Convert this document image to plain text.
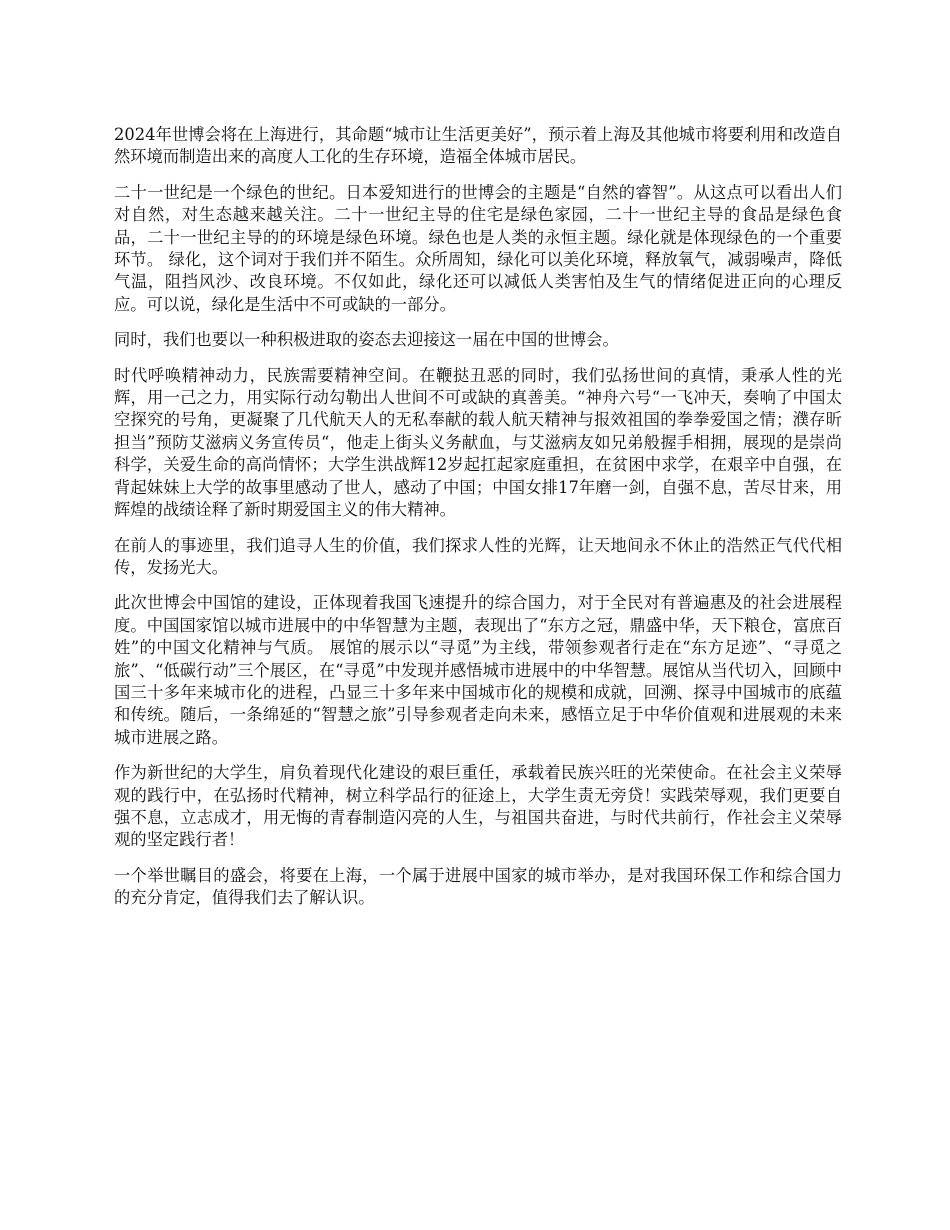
2024年世博会将在上海进行，其命题“城市让生活更美好”，预示着上海及其他城市将要利用和改造自然环境而制造出来的高度人工化的生存环境，造福全体城市居民。

二十一世纪是一个绿色的世纪。日本爱知进行的世博会的主题是“自然的睿智”。从这点可以看出人们对自然，对生态越来越关注。二十一世纪主导的住宅是绿色家园，二十一世纪主导的食品是绿色食品，二十一世纪主导的的环境是绿色环境。绿色也是人类的永恒主题。绿化就是体现绿色的一个重要环节。 绿化，这个词对于我们并不陌生。众所周知，绿化可以美化环境，释放氧气，减弱噪声，降低气温，阻挡风沙、改良环境。不仅如此，绿化还可以减低人类害怕及生气的情绪促进正向的心理反应。可以说，绿化是生活中不可或缺的一部分。

同时，我们也要以一种积极进取的姿态去迎接这一届在中国的世博会。

时代呼唤精神动力，民族需要精神空间。在鞭挞丑恶的同时，我们弘扬世间的真情，秉承人性的光辉，用一己之力，用实际行动勾勒出人世间不可或缺的真善美。“神舟六号“一飞冲天，奏响了中国太空探究的号角，更凝聚了几代航天人的无私奉献的载人航天精神与报效祖国的拳拳爱国之情；濮存昕担当”预防艾滋病义务宣传员“，他走上街头义务献血，与艾滋病友如兄弟般握手相拥，展现的是崇尚科学，关爱生命的高尚情怀；大学生洪战辉12岁起扛起家庭重担，在贫困中求学，在艰辛中自强，在背起妹妹上大学的故事里感动了世人，感动了中国；中国女排17年磨一剑，自强不息，苦尽甘来，用辉煌的战绩诠释了新时期爱国主义的伟大精神。

在前人的事迹里，我们追寻人生的价值，我们探求人性的光辉，让天地间永不休止的浩然正气代代相传，发扬光大。

此次世博会中国馆的建设，正体现着我国飞速提升的综合国力，对于全民对有普遍惠及的社会进展程度。中国国家馆以城市进展中的中华智慧为主题，表现出了“东方之冠，鼎盛中华，天下粮仓，富庶百姓”的中国文化精神与气质。 展馆的展示以“寻觅”为主线，带领参观者行走在“东方足迹”、“寻觅之旅”、“低碳行动”三个展区，在“寻觅”中发现并感悟城市进展中的中华智慧。展馆从当代切入，回顾中国三十多年来城市化的进程，凸显三十多年来中国城市化的规模和成就，回溯、探寻中国城市的底蕴和传统。随后，一条绵延的“智慧之旅”引导参观者走向未来，感悟立足于中华价值观和进展观的未来城市进展之路。

作为新世纪的大学生，肩负着现代化建设的艰巨重任，承载着民族兴旺的光荣使命。在社会主义荣辱观的践行中，在弘扬时代精神，树立科学品行的征途上，大学生责无旁贷！实践荣辱观，我们更要自强不息，立志成才，用无悔的青春制造闪亮的人生，与祖国共奋进，与时代共前行，作社会主义荣辱观的坚定践行者！

一个举世瞩目的盛会，将要在上海，一个属于进展中国家的城市举办，是对我国环保工作和综合国力的充分肯定，值得我们去了解认识。
